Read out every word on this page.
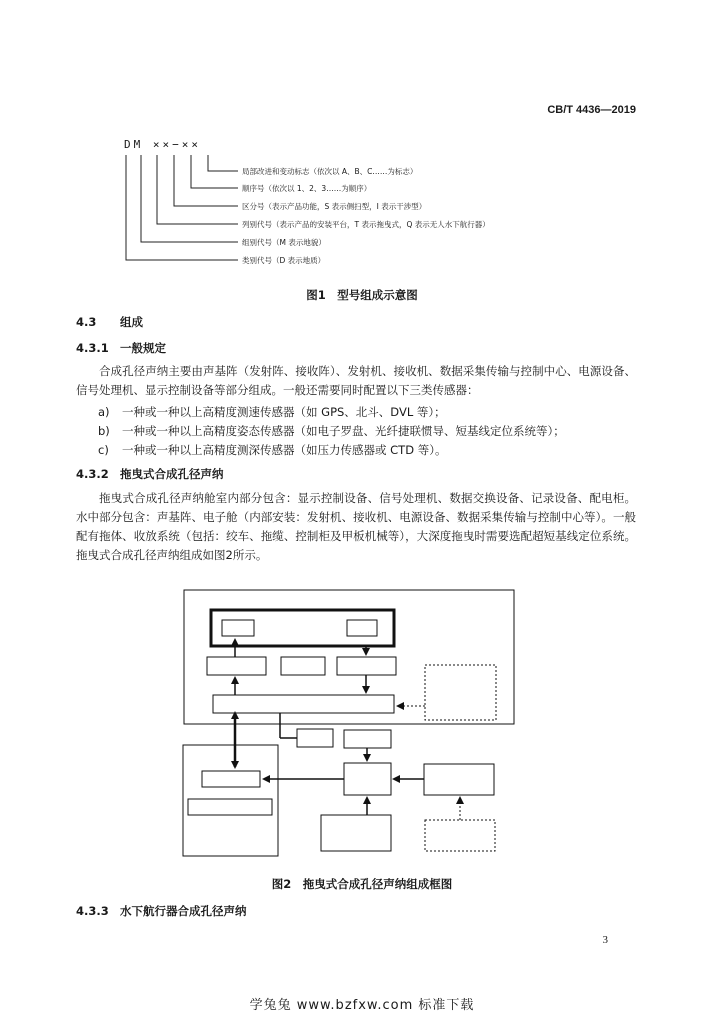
CB/T 4436—2019
DM ××−××
局部改进和变动标志（依次以 A、B、C……为标志）
顺序号（依次以 1、2、3……为顺序）
区分号（表示产品功能，S 表示侧扫型，I 表示干涉型）
列别代号（表示产品的安装平台，T 表示拖曳式，Q 表示无人水下航行器）
组别代号（M 表示地貌）
类别代号（D 表示地质）
图1　型号组成示意图
4.3 组成
4.3.1 一般规定
合成孔径声纳主要由声基阵（发射阵、接收阵）、发射机、接收机、数据采集传输与控制中心、电源设备、信号处理机、显示控制设备等部分组成。一般还需要同时配置以下三类传感器：
a) 一种或一种以上高精度测速传感器（如 GPS、北斗、DVL 等）；
b) 一种或一种以上高精度姿态传感器（如电子罗盘、光纤捷联惯导、短基线定位系统等）；
c) 一种或一种以上高精度测深传感器（如压力传感器或 CTD 等）。
4.3.2 拖曳式合成孔径声纳
拖曳式合成孔径声纳舱室内部分包含：显示控制设备、信号处理机、数据交换设备、记录设备、配电柜。水中部分包含：声基阵、电子舱（内部安装：发射机、接收机、电源设备、数据采集传输与控制中心等）。一般配有拖体、收放系统（包括：绞车、拖缆、控制柜及甲板机械等），大深度拖曳时需要选配超短基线定位系统。拖曳式合成孔径声纳组成如图2所示。
图2　拖曳式合成孔径声纳组成框图
4.3.3 水下航行器合成孔径声纳
3
学兔兔 www.bzfxw.com 标准下载
